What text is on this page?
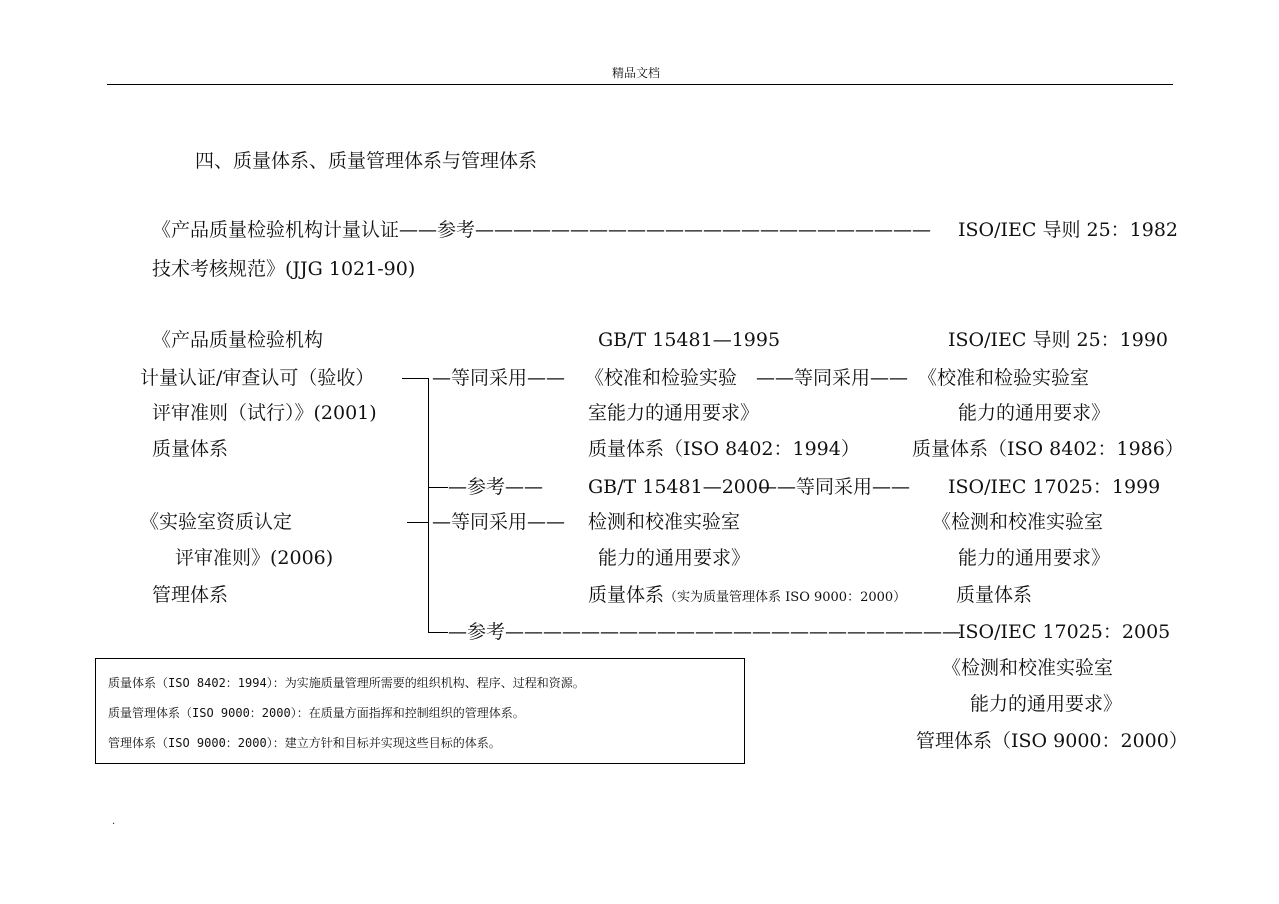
精品文档
四、质量体系、质量管理体系与管理体系
《产品质量检验机构计量认证——参考———————————————————————— ISO/IEC 导则 25：1982
技术考核规范》(JJG 1021-90)
《产品质量检验机构
计量认证/审查认可（验收）
评审准则（试行）》(2001)
质量体系
《实验室资质认定
评审准则》(2006)
管理体系
—等同采用——
—参考——
—等同采用——
—参考————————————————————————
GB/T 15481—1995
《校准和检验实验 ——等同采用——
室能力的通用要求》
质量体系（ISO 8402：1994）
GB/T 15481—2000
——等同采用——
检测和校准实验室
能力的通用要求》
质量体系（实为质量管理体系 ISO 9000：2000）
ISO/IEC 导则 25：1990
《校准和检验实验室
能力的通用要求》
质量体系（ISO 8402：1986）
ISO/IEC 17025：1999
《检测和校准实验室
能力的通用要求》
质量体系
ISO/IEC 17025：2005
《检测和校准实验室
能力的通用要求》
管理体系（ISO 9000：2000）
质量体系（ISO 8402：1994）：为实施质量管理所需要的组织机构、程序、过程和资源。
质量管理体系（ISO 9000：2000）：在质量方面指挥和控制组织的管理体系。
管理体系（ISO 9000：2000）：建立方针和目标并实现这些目标的体系。
.
